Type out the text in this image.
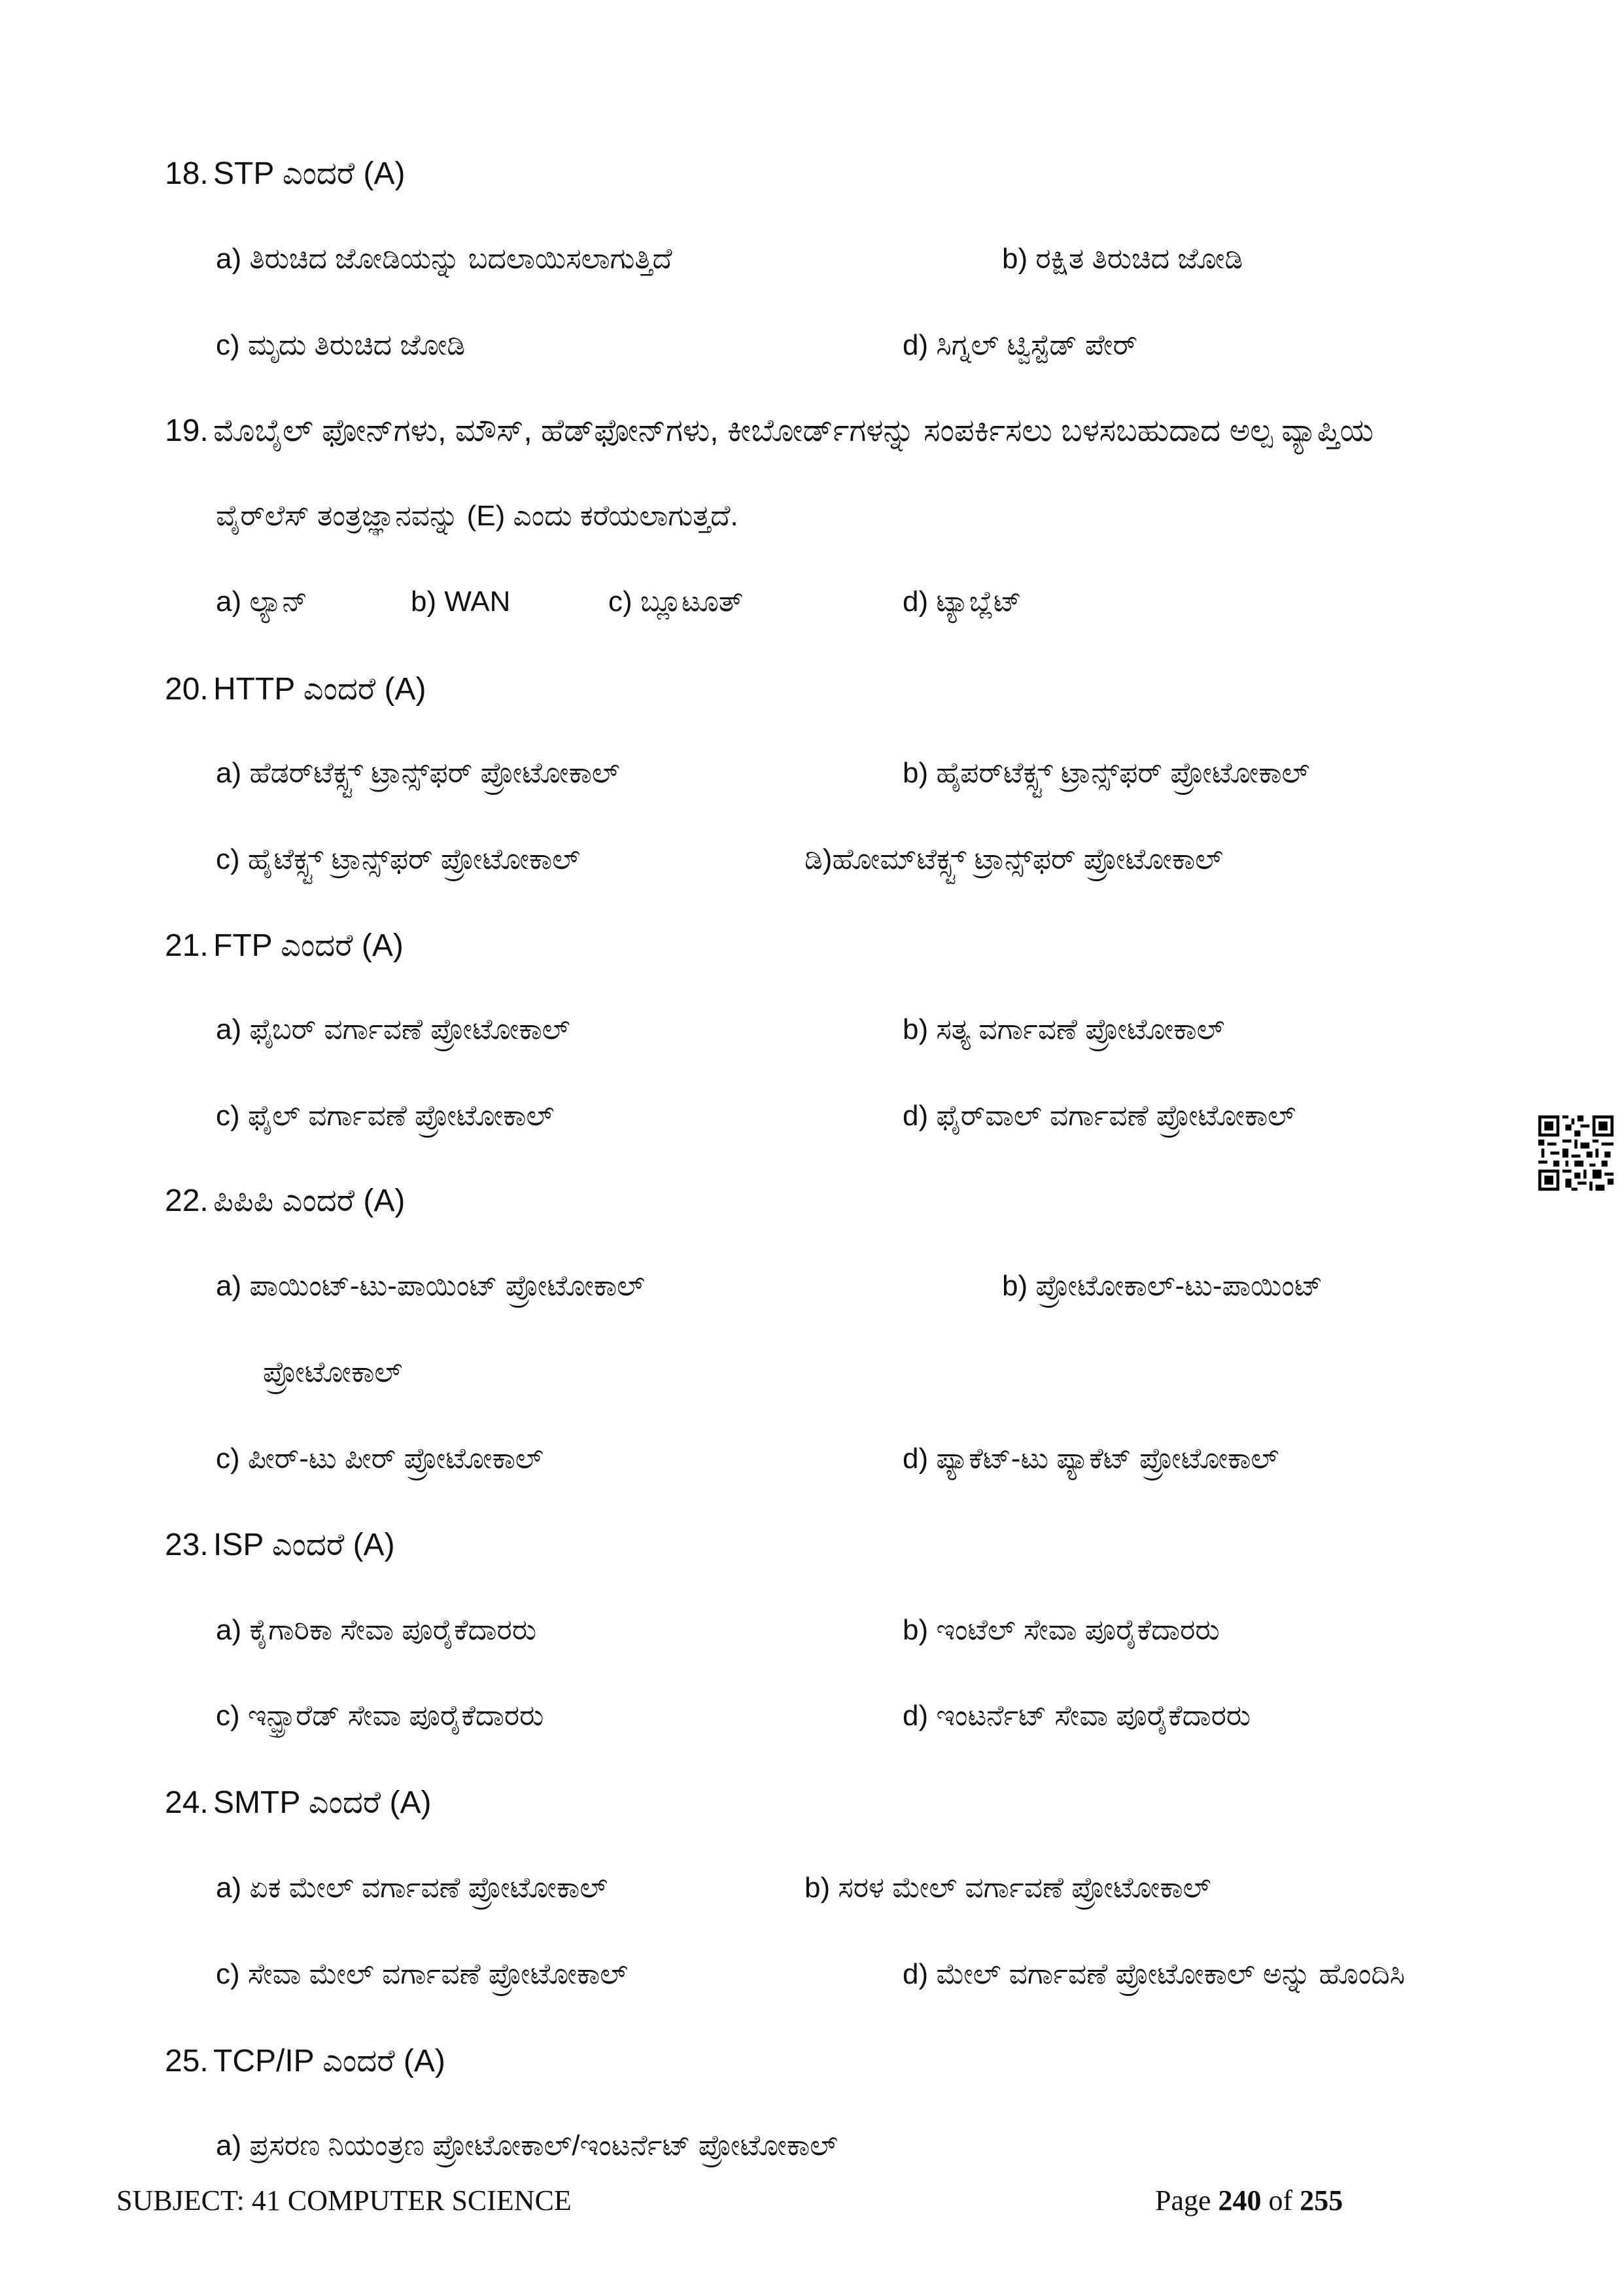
18. STP ಎಂದರೆ (A)
a) ತಿರುಚಿದ ಜೋಡಿಯನ್ನು ಬದಲಾಯಿಸಲಾಗುತ್ತಿದೆ	b) ರಕ್ಷಿತ ತಿರುಚಿದ ಜೋಡಿ
c) ಮೃದು ತಿರುಚಿದ ಜೋಡಿ	d) ಸಿಗ್ನಲ್ ಟ್ವಿಸ್ಟೆಡ್ ಪೇರ್
19. ಮೊಬೈಲ್ ಫೋನ್‌ಗಳು, ಮೌಸ್, ಹೆಡ್‌ಫೋನ್‌ಗಳು, ಕೀಬೋರ್ಡ್‌ಗಳನ್ನು ಸಂಪರ್ಕಿಸಲು ಬಳಸಬಹುದಾದ ಅಲ್ಪ ವ್ಯಾಪ್ತಿಯ
ವೈರ್‌ಲೆಸ್ ತಂತ್ರಜ್ಞಾನವನ್ನು (E) ಎಂದು ಕರೆಯಲಾಗುತ್ತದೆ.
a) ಲ್ಯಾನ್	b) WAN	c) ಬ್ಲೂಟೂತ್	d) ಟ್ಯಾಬ್ಲೆಟ್
20. HTTP ಎಂದರೆ (A)
a) ಹೆಡರ್‌ಟೆಕ್ಸ್ಟ್ ಟ್ರಾನ್ಸ್‌ಫರ್ ಪ್ರೋಟೋಕಾಲ್	b) ಹೈಪರ್‌ಟೆಕ್ಸ್ಟ್ ಟ್ರಾನ್ಸ್‌ಫರ್ ಪ್ರೋಟೋಕಾಲ್
c) ಹೈಟೆಕ್ಸ್ಟ್ ಟ್ರಾನ್ಸ್‌ಫರ್ ಪ್ರೋಟೋಕಾಲ್	ಡಿ)ಹೋಮ್‌ಟೆಕ್ಸ್ಟ್ ಟ್ರಾನ್ಸ್‌ಫರ್ ಪ್ರೋಟೋಕಾಲ್
21. FTP ಎಂದರೆ (A)
a) ಫೈಬರ್ ವರ್ಗಾವಣೆ ಪ್ರೋಟೋಕಾಲ್	b) ಸತ್ಯ ವರ್ಗಾವಣೆ ಪ್ರೋಟೋಕಾಲ್
c) ಫೈಲ್ ವರ್ಗಾವಣೆ ಪ್ರೋಟೋಕಾಲ್	d) ಫೈರ್‌ವಾಲ್ ವರ್ಗಾವಣೆ ಪ್ರೋಟೋಕಾಲ್
22. ಪಿಪಿಪಿ ಎಂದರೆ (A)
a) ಪಾಯಿಂಟ್-ಟು-ಪಾಯಿಂಟ್ ಪ್ರೋಟೋಕಾಲ್	b) ಪ್ರೋಟೋಕಾಲ್-ಟು-ಪಾಯಿಂಟ್
ಪ್ರೋಟೋಕಾಲ್
c) ಪೀರ್-ಟು ಪೀರ್ ಪ್ರೋಟೋಕಾಲ್	d) ಪ್ಯಾಕೆಟ್-ಟು ಪ್ಯಾಕೆಟ್ ಪ್ರೋಟೋಕಾಲ್
23. ISP ಎಂದರೆ (A)
a) ಕೈಗಾರಿಕಾ ಸೇವಾ ಪೂರೈಕೆದಾರರು	b) ಇಂಟೆಲ್ ಸೇವಾ ಪೂರೈಕೆದಾರರು
c) ಇನ್ಫ್ರಾರೆಡ್ ಸೇವಾ ಪೂರೈಕೆದಾರರು	d) ಇಂಟರ್ನೆಟ್ ಸೇವಾ ಪೂರೈಕೆದಾರರು
24. SMTP ಎಂದರೆ (A)
a) ಏಕ ಮೇಲ್ ವರ್ಗಾವಣೆ ಪ್ರೋಟೋಕಾಲ್	b) ಸರಳ ಮೇಲ್ ವರ್ಗಾವಣೆ ಪ್ರೋಟೋಕಾಲ್
c) ಸೇವಾ ಮೇಲ್ ವರ್ಗಾವಣೆ ಪ್ರೋಟೋಕಾಲ್	d) ಮೇಲ್ ವರ್ಗಾವಣೆ ಪ್ರೋಟೋಕಾಲ್ ಅನ್ನು ಹೊಂದಿಸಿ
25. TCP/IP ಎಂದರೆ (A)
a) ಪ್ರಸರಣ ನಿಯಂತ್ರಣ ಪ್ರೋಟೋಕಾಲ್/ಇಂಟರ್ನೆಟ್ ಪ್ರೋಟೋಕಾಲ್
SUBJECT: 41 COMPUTER SCIENCE	Page 240 of 255
